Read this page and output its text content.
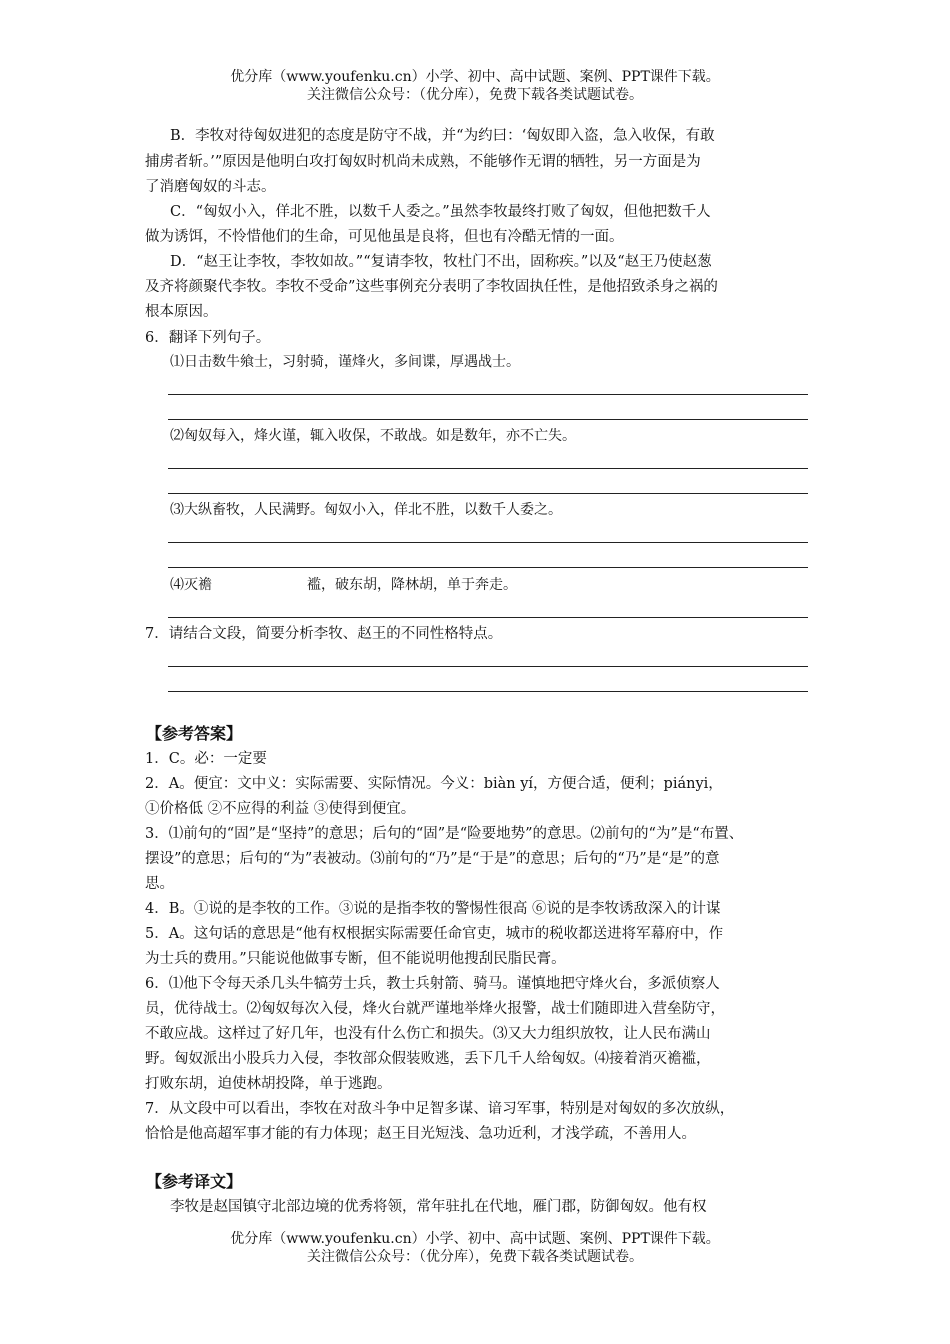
优分库（www.youfenku.cn）小学、初中、高中试题、案例、PPT课件下载。
关注微信公众号：（优分库），免费下载各类试题试卷。
B．李牧对待匈奴进犯的态度是防守不战，并“为约曰：‘匈奴即入盗，急入收保，有敢
捕虏者斩。’”原因是他明白攻打匈奴时机尚未成熟，不能够作无谓的牺牲，另一方面是为
了消磨匈奴的斗志。
C．“匈奴小入，佯北不胜，以数千人委之。”虽然李牧最终打败了匈奴，但他把数千人
做为诱饵，不怜惜他们的生命，可见他虽是良将，但也有冷酷无情的一面。
D．“赵王让李牧，李牧如故。”“复请李牧，牧杜门不出，固称疾。”以及“赵王乃使赵葱
及齐将颜聚代李牧。李牧不受命”这些事例充分表明了李牧固执任性，是他招致杀身之祸的
根本原因。
6．翻译下列句子。
⑴日击数牛飨士，习射骑，谨烽火，多间谍，厚遇战士。
⑵匈奴每入，烽火谨，辄入收保，不敢战。如是数年，亦不亡失。
⑶大纵畜牧，人民满野。匈奴小入，佯北不胜，以数千人委之。
⑷灭襜	褴，破东胡，降林胡，单于奔走。
7．请结合文段，简要分析李牧、赵王的不同性格特点。
【参考答案】
1．C。必：一定要
2．A。便宜：文中义：实际需要、实际情况。今义：biàn yí，方便合适，便利；piányi，
①价格低 ②不应得的利益 ③使得到便宜。
3．⑴前句的“固”是“坚持”的意思；后句的“固”是“险要地势”的意思。⑵前句的“为”是“布置、
摆设”的意思；后句的“为”表被动。⑶前句的“乃”是“于是”的意思；后句的“乃”是“是”的意
思。
4．B。①说的是李牧的工作。③说的是指李牧的警惕性很高 ⑥说的是李牧诱敌深入的计谋
5．A。这句话的意思是“他有权根据实际需要任命官吏，城市的税收都送进将军幕府中，作
为士兵的费用。”只能说他做事专断，但不能说明他搜刮民脂民膏。
6．⑴他下令每天杀几头牛犒劳士兵，教士兵射箭、骑马。谨慎地把守烽火台，多派侦察人
员，优待战士。⑵匈奴每次入侵，烽火台就严谨地举烽火报警，战士们随即进入营垒防守，
不敢应战。这样过了好几年，也没有什么伤亡和损失。⑶又大力组织放牧，让人民布满山
野。匈奴派出小股兵力入侵，李牧部众假装败逃，丢下几千人给匈奴。⑷接着消灭襜褴，
打败东胡，迫使林胡投降，单于逃跑。
7．从文段中可以看出，李牧在对敌斗争中足智多谋、谙习军事，特别是对匈奴的多次放纵，
恰恰是他高超军事才能的有力体现；赵王目光短浅、急功近利，才浅学疏，不善用人。
【参考译文】
李牧是赵国镇守北部边境的优秀将领，常年驻扎在代地，雁门郡，防御匈奴。他有权
优分库（www.youfenku.cn）小学、初中、高中试题、案例、PPT课件下载。
关注微信公众号：（优分库），免费下载各类试题试卷。
